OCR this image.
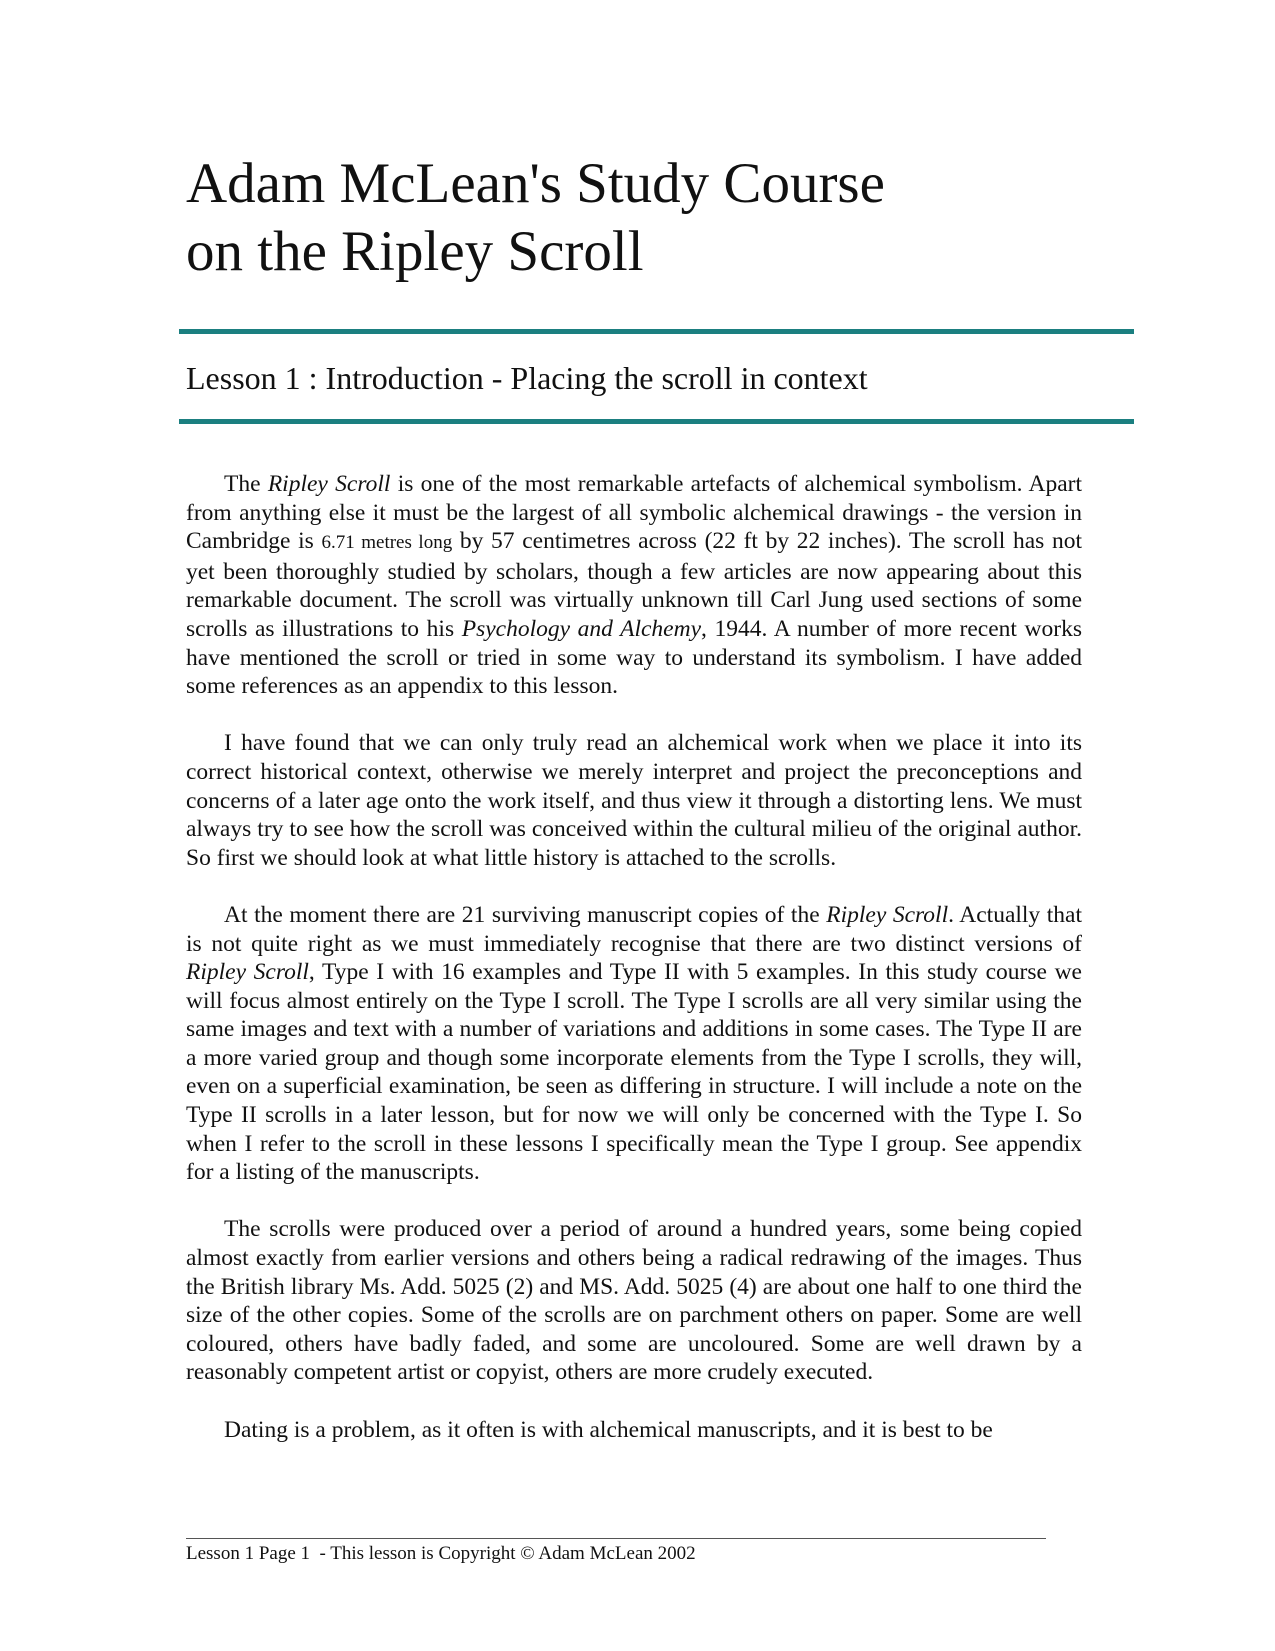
Adam McLean's Study Course
on the Ripley Scroll
Lesson 1 : Introduction - Placing the scroll in context

The Ripley Scroll is one of the most remarkable artefacts of alchemical symbolism. Apart from anything else it must be the largest of all symbolic alchemical drawings - the version in Cambridge is 6.71 metres long by 57 centimetres across (22 ft by 22 inches). The scroll has not yet been thoroughly studied by scholars, though a few articles are now appearing about this remarkable document. The scroll was virtually unknown till Carl Jung used sections of some scrolls as illustrations to his Psychology and Alchemy, 1944. A number of more recent works have mentioned the scroll or tried in some way to understand its symbolism. I have added some references as an appendix to this lesson.

I have found that we can only truly read an alchemical work when we place it into its correct historical context, otherwise we merely interpret and project the preconceptions and concerns of a later age onto the work itself, and thus view it through a distorting lens. We must always try to see how the scroll was conceived within the cultural milieu of the original author. So first we should look at what little history is attached to the scrolls.

At the moment there are 21 surviving manuscript copies of the Ripley Scroll. Actually that is not quite right as we must immediately recognise that there are two distinct versions of Ripley Scroll, Type I with 16 examples and Type II with 5 examples. In this study course we will focus almost entirely on the Type I scroll. The Type I scrolls are all very similar using the same images and text with a number of variations and additions in some cases. The Type II are a more varied group and though some incorporate elements from the Type I scrolls, they will, even on a superficial examination, be seen as differing in structure. I will include a note on the Type II scrolls in a later lesson, but for now we will only be concerned with the Type I. So when I refer to the scroll in these lessons I specifically mean the Type I group. See appendix for a listing of the manuscripts.

The scrolls were produced over a period of around a hundred years, some being copied almost exactly from earlier versions and others being a radical redrawing of the images. Thus the British library Ms. Add. 5025 (2) and MS. Add. 5025 (4) are about one half to one third the size of the other copies. Some of the scrolls are on parchment others on paper. Some are well coloured, others have badly faded, and some are uncoloured. Some are well drawn by a reasonably competent artist or copyist, others are more crudely executed.

Dating is a problem, as it often is with alchemical manuscripts, and it is best to be

Lesson 1 Page 1  - This lesson is Copyright © Adam McLean 2002
